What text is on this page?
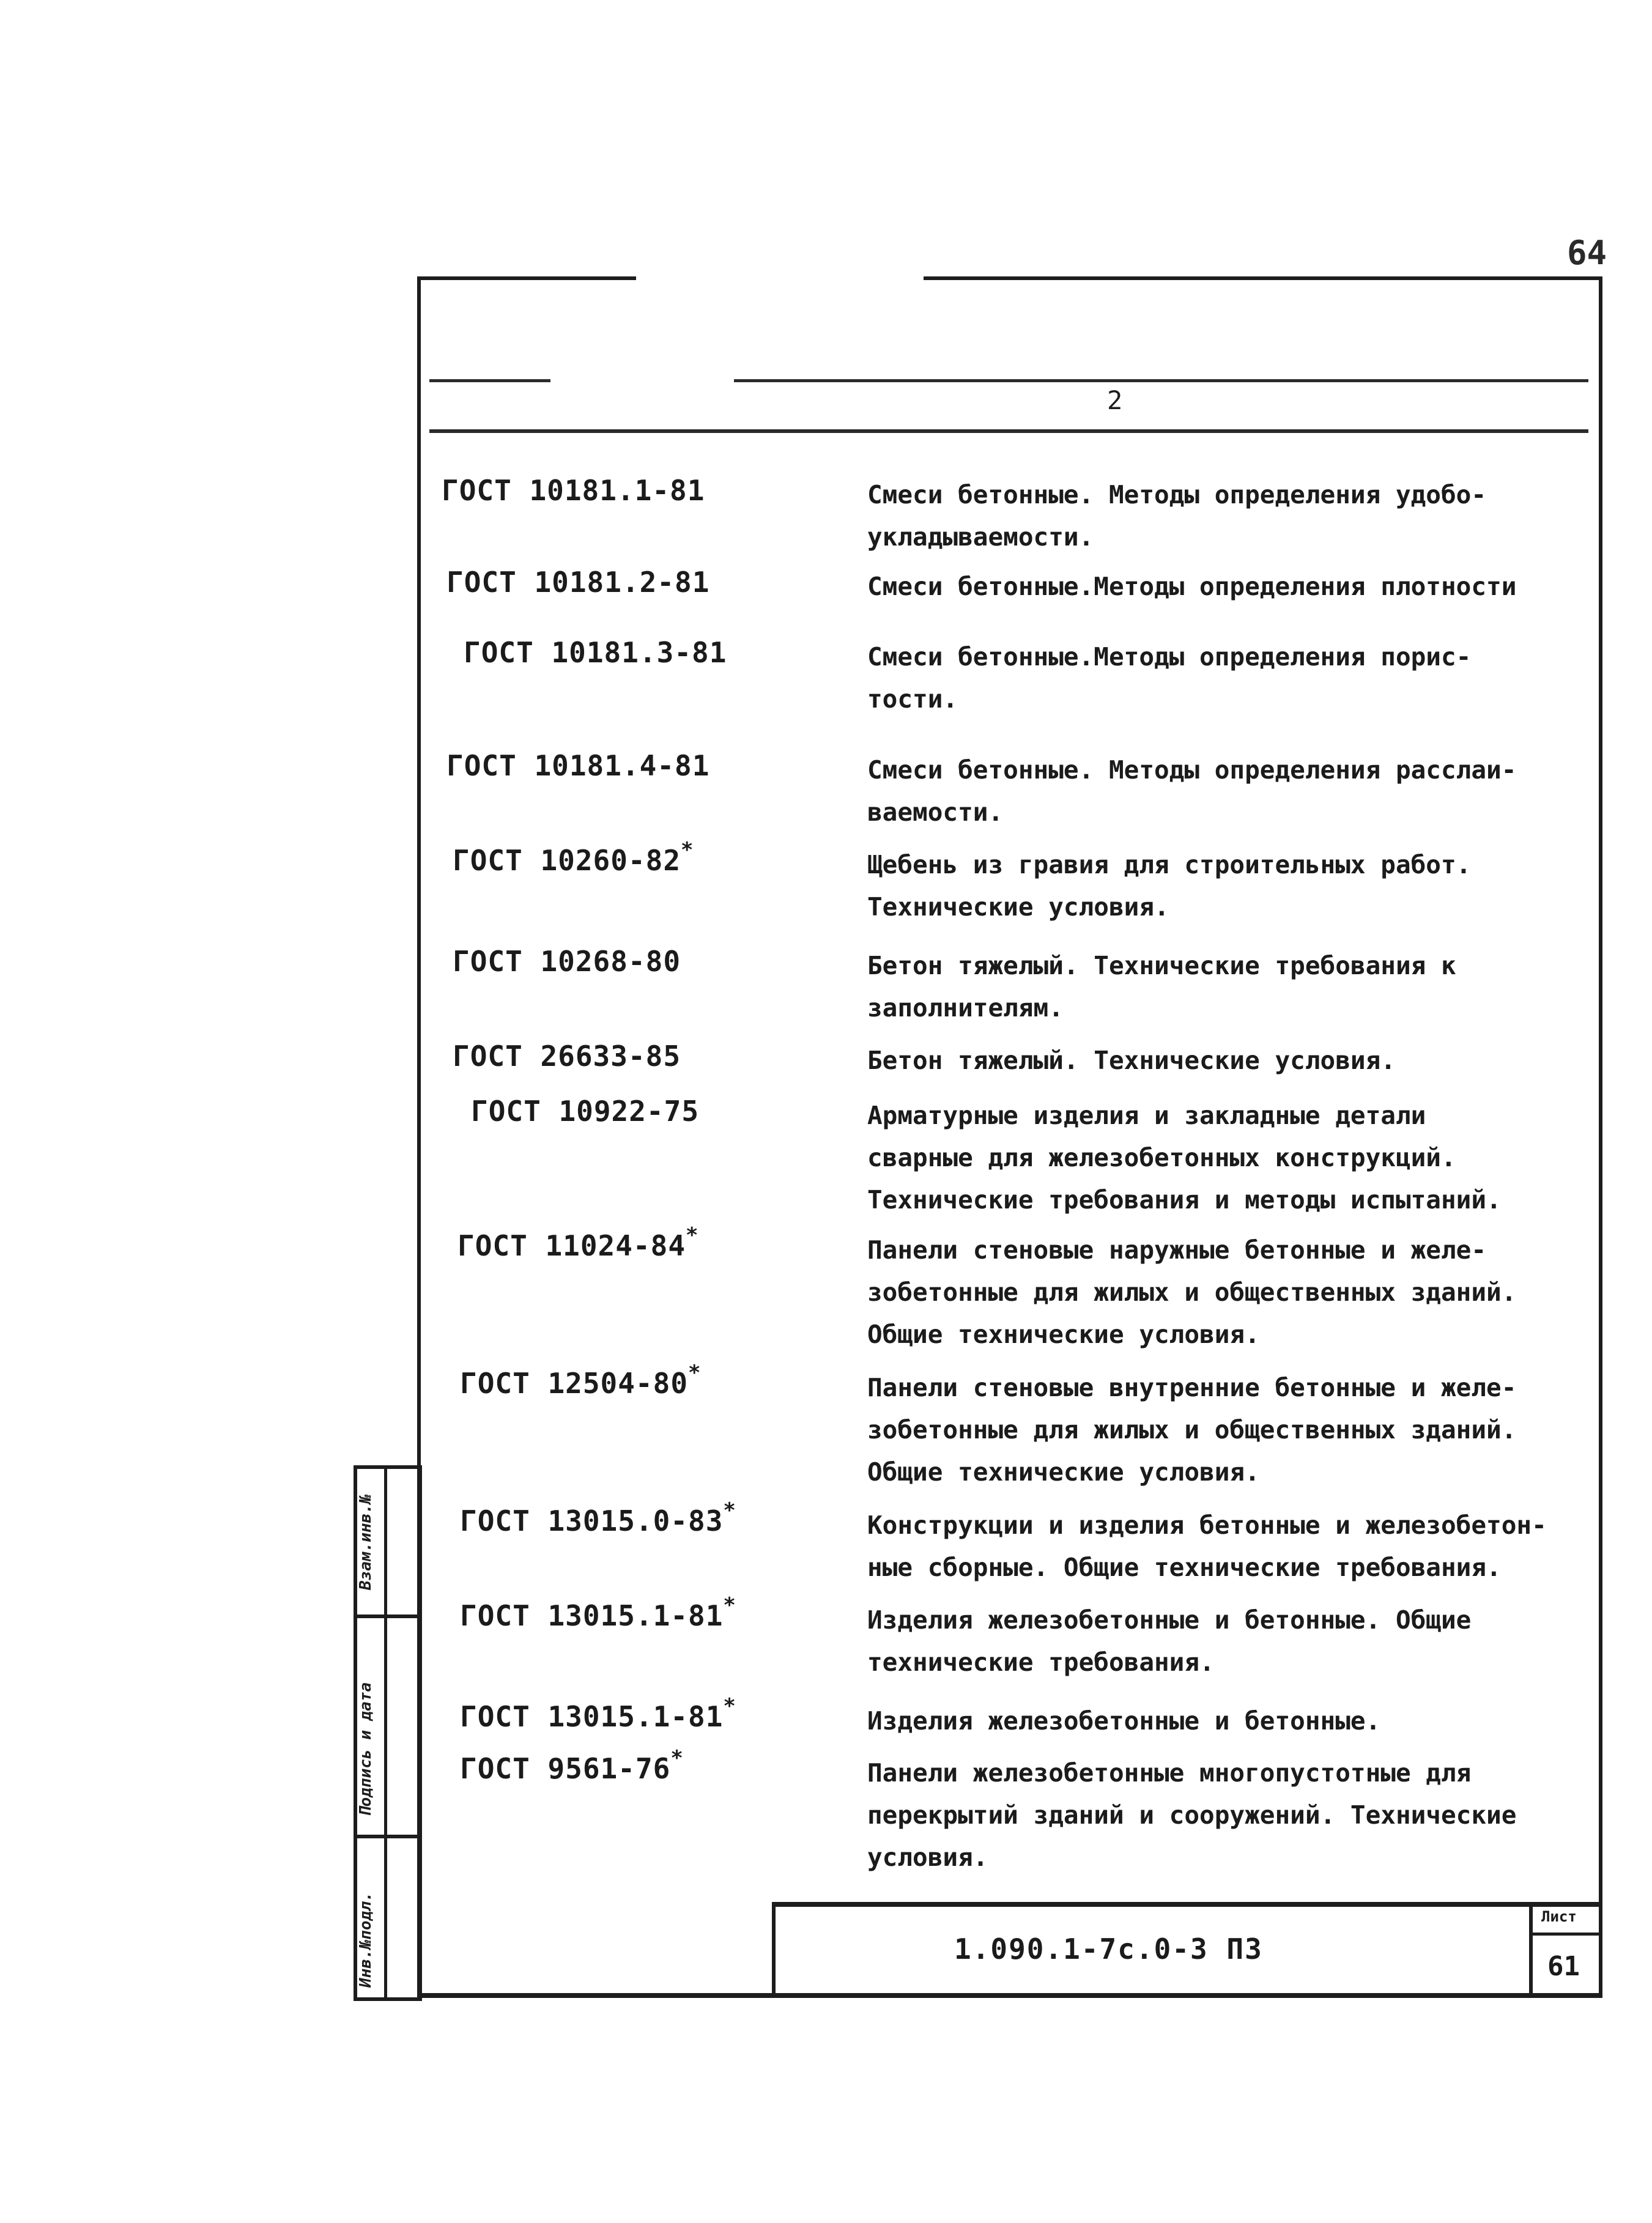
64
2
ГОСТ 10181.1-81	Смеси бетонные. Методы определения удобо-
укладываемости.
ГОСТ 10181.2-81	Смеси бетонные.Методы определения плотности
ГОСТ 10181.3-81	Смеси бетонные.Методы определения порис-
тости.
ГОСТ 10181.4-81	Смеси бетонные. Методы определения расслаи-
ваемости.
ГОСТ 10260-82*	Щебень из гравия для строительных работ.
Технические условия.
ГОСТ 10268-80	Бетон тяжелый. Технические требования к
заполнителям.
ГОСТ 26633-85	Бетон тяжелый. Технические условия.
ГОСТ 10922-75	Арматурные изделия и закладные детали
сварные для железобетонных конструкций.
Технические требования и методы испытаний.
ГОСТ 11024-84*	Панели стеновые наружные бетонные и желе-
зобетонные для жилых и общественных зданий.
Общие технические условия.
ГОСТ 12504-80*	Панели стеновые внутренние бетонные и желе-
зобетонные для жилых и общественных зданий.
Общие технические условия.
ГОСТ 13015.0-83*	Конструкции и изделия бетонные и железобетон-
ные сборные. Общие технические требования.
ГОСТ 13015.1-81*	Изделия железобетонные и бетонные. Общие
технические требования.
ГОСТ 13015.1-81*	Изделия железобетонные и бетонные.
ГОСТ 9561-76*	Панели железобетонные многопустотные для
перекрытий зданий и сооружений. Технические
условия.
Взам.инв.№
Подпись и дата
Инв.№подл.	1.090.1-7с.0-3 ПЗ
Лист
61
